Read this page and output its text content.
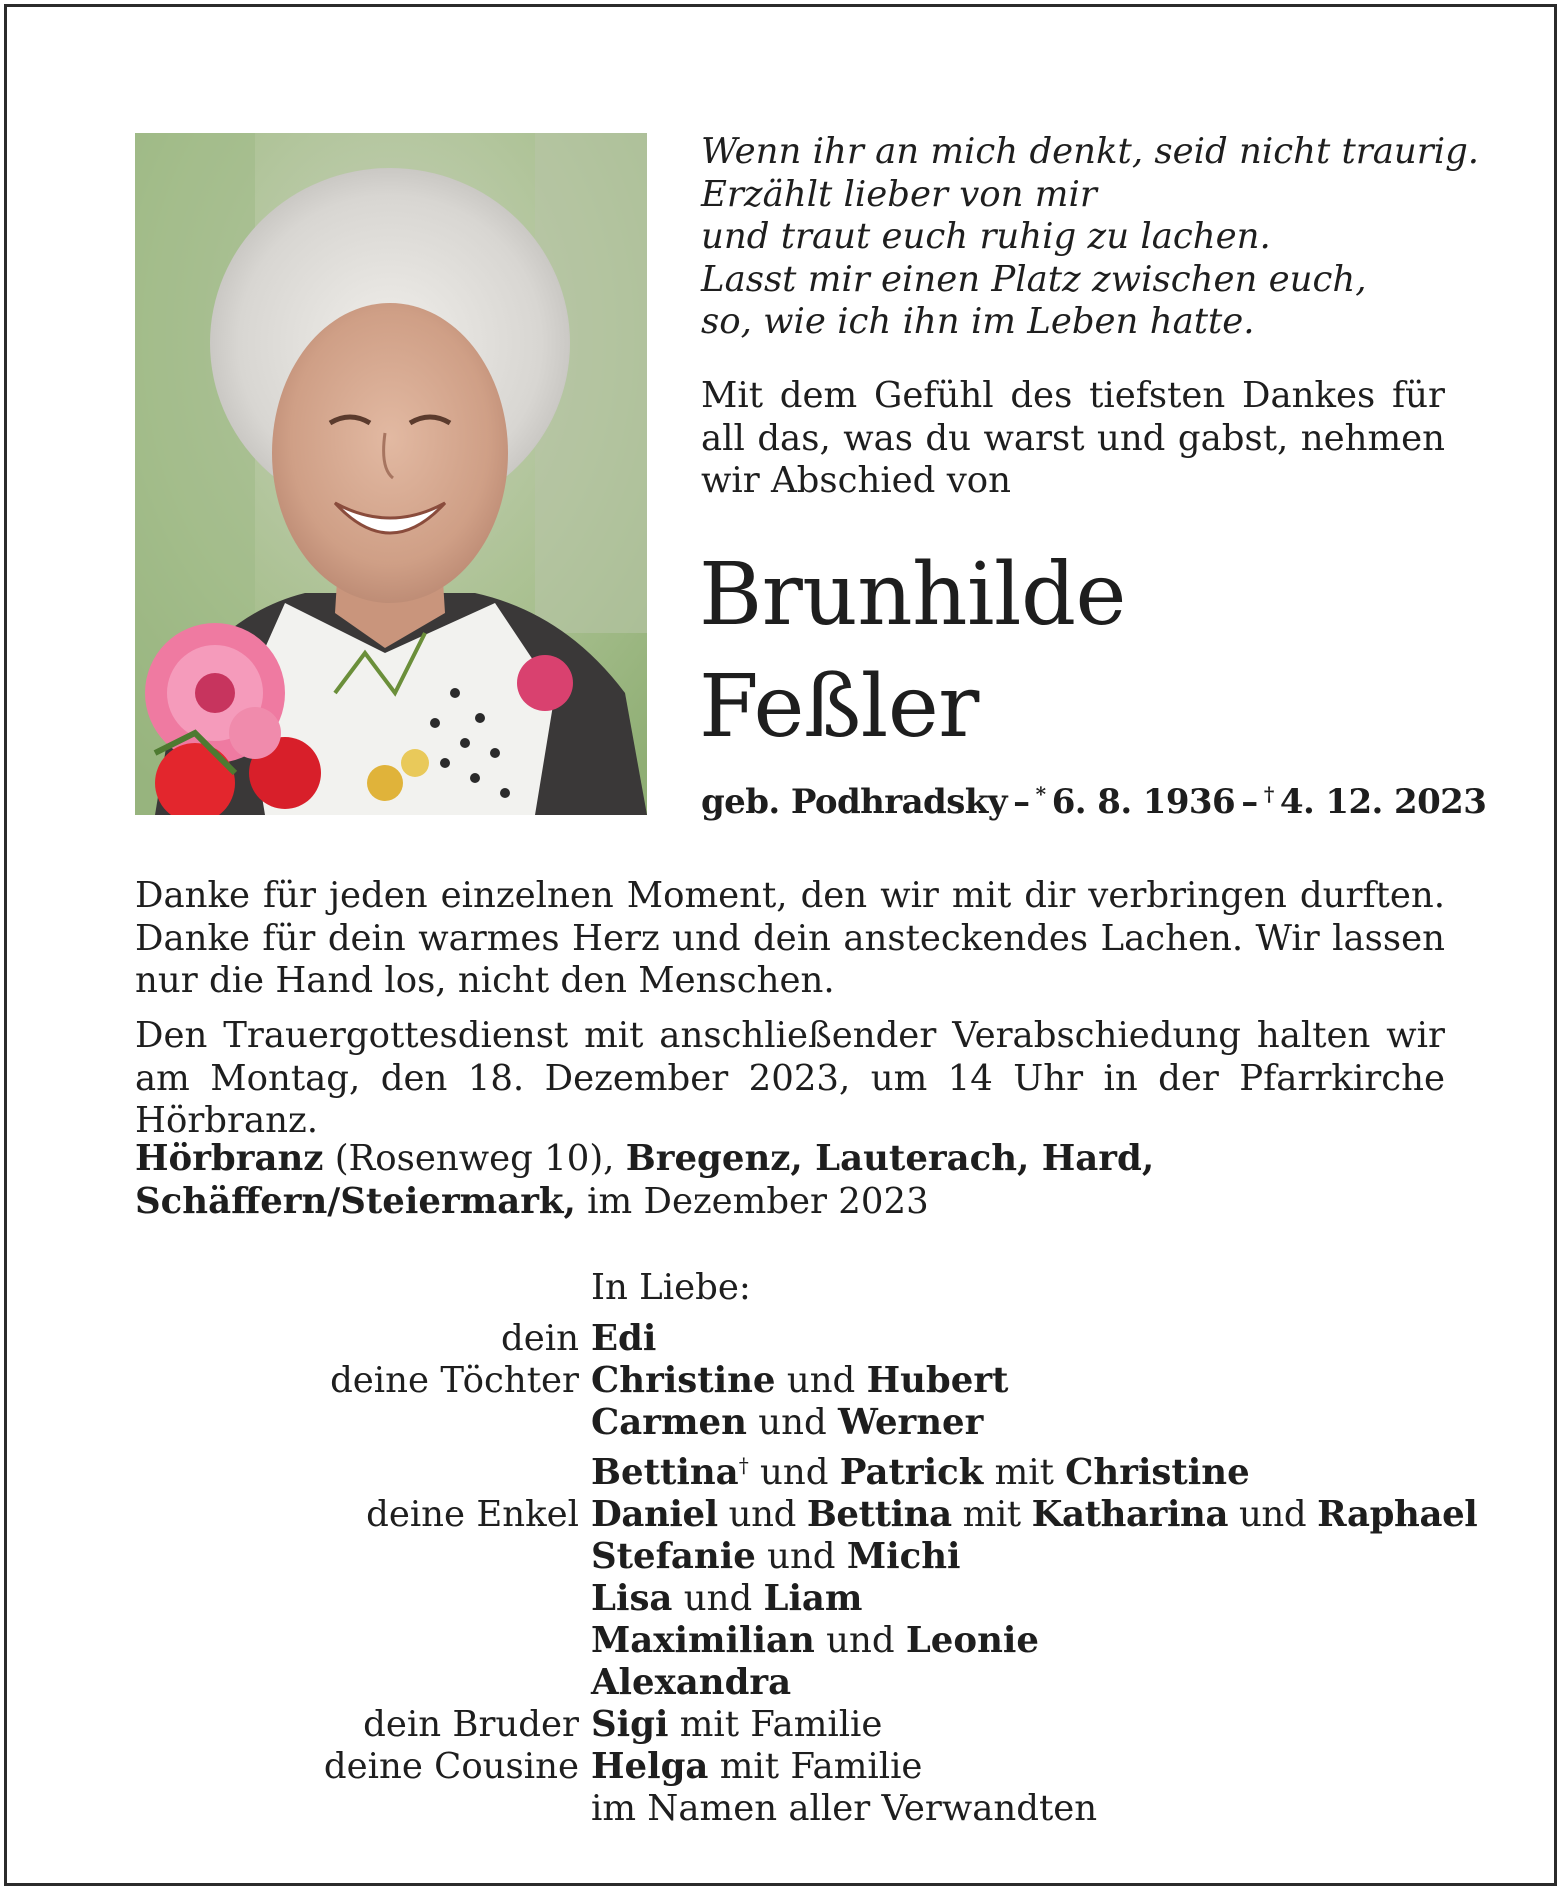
Wenn ihr an mich denkt, seid nicht traurig.
Erzählt lieber von mir
und traut euch ruhig zu lachen.
Lasst mir einen Platz zwischen euch,
so, wie ich ihn im Leben hatte.
Mit dem Gefühl des tiefsten Dankes für all das, was du warst und gabst, nehmen wir Abschied von
Brunhilde
Feßler
geb. Podhradsky  –  *  6. 8. 1936  –  †  4. 12. 2023
Danke für jeden einzelnen Moment, den wir mit dir verbringen durften. Danke für dein warmes Herz und dein ansteckendes Lachen. Wir lassen nur die Hand los, nicht den Menschen.
Den Trauergottesdienst mit anschließender Verabschiedung halten wir am Montag, den 18. Dezember 2023, um 14 Uhr in der Pfarrkirche Hörbranz.
Hörbranz (Rosenweg 10), Bregenz, Lauterach, Hard,
Schäffern/Steiermark, im Dezember 2023
In Liebe:
dein Edi
deine Töchter Christine und Hubert
Carmen und Werner
Bettina† und Patrick mit Christine
deine Enkel Daniel und Bettina mit Katharina und Raphael
Stefanie und Michi
Lisa und Liam
Maximilian und Leonie
Alexandra
dein Bruder Sigi mit Familie
deine Cousine Helga mit Familie
im Namen aller Verwandten
